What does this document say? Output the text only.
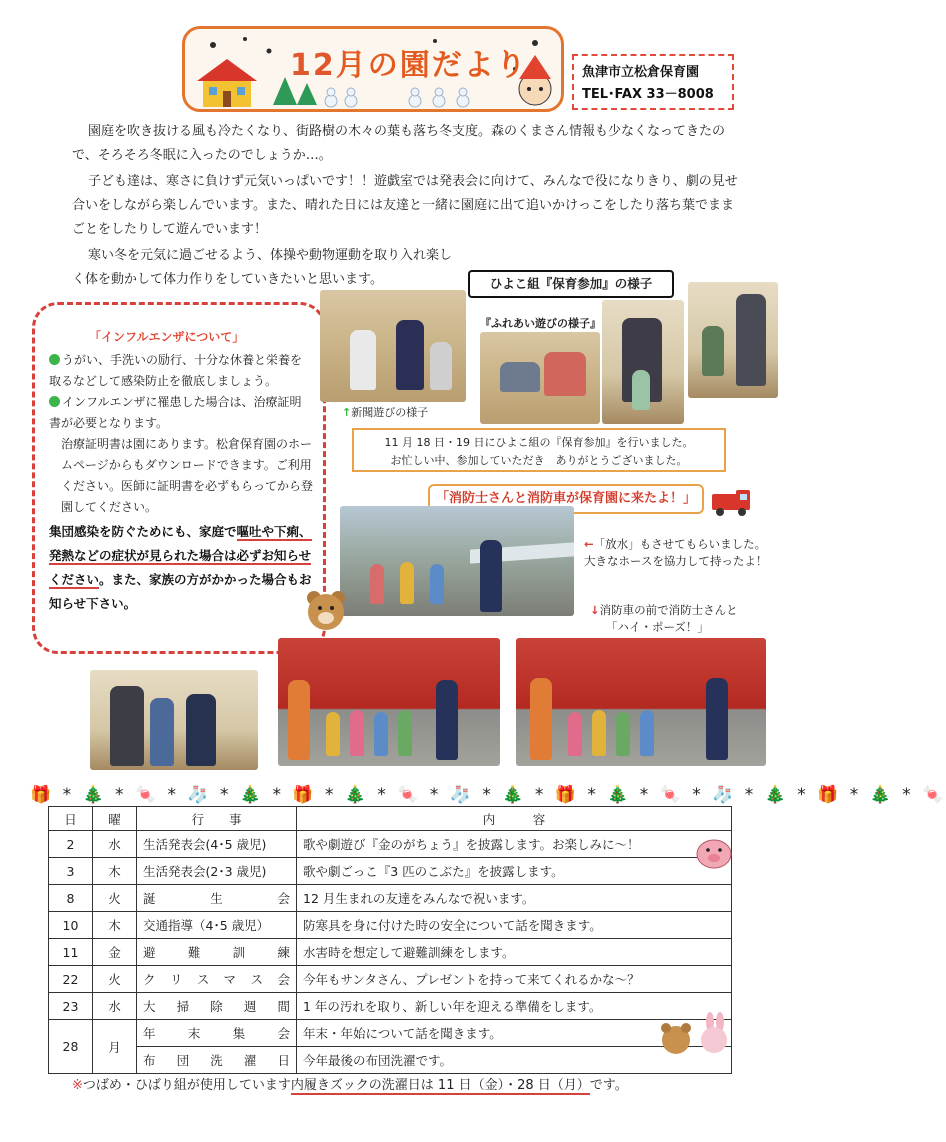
12月の園だより	魚津市立松倉保育園
TEL･FAX 33－8008

園庭を吹き抜ける風も冷たくなり、街路樹の木々の葉も落ち冬支度。森のくまさん情報も少なくなってきたので、そろそろ冬眠に入ったのでしょうか…。

子ども達は、寒さに負けず元気いっぱいです！！遊戯室では発表会に向けて、みんなで役になりきり、劇の見せ合いをしながら楽しんでいます。また、晴れた日には友達と一緒に園庭に出て追いかけっこをしたり落ち葉でままごとをしたりして遊んでいます！

寒い冬を元気に過ごせるよう、体操や動物運動を取り入れ楽しく体を動かして体力作りをしていきたいと思います。

「インフルエンザについて」
うがい、手洗いの励行、十分な休養と栄養を取るなどして感染防止を徹底しましょう。
インフルエンザに罹患した場合は、治療証明書が必要となります。
治療証明書は園にあります。松倉保育園のホームページからもダウンロードできます。ご利用ください。医師に証明書を必ずもらってから登園してください。
集団感染を防ぐためにも、家庭で嘔吐や下痢、発熱などの症状が見られた場合は必ずお知らせください。また、家族の方がかかった場合もお知らせ下さい。
ひよこ組『保育参加』の様子
『ふれあい遊びの様子』
↑新聞遊びの様子
11 月 18 日・19 日にひよこ組の『保育参加』を行いました。
お忙しい中、参加していただき　ありがとうございました。
「消防士さんと消防車が保育園に来たよ！」
←「放水」もさせてもらいました。
大きなホースを協力して持ったよ！
↓消防車の前で消防士さんと
「ハイ・ポーズ！」
🎁 * 🎄 * 🍬 * 🧦 * 🎄 * 🎁 * 🎄 * 🍬 * 🧦 * 🎄 * 🎁 * 🎄 * 🍬 * 🧦 * 🎄 * 🎁 * 🎄 * 🍬
日	曜	行　　事	内　　　容
2	水	生活発表会(4･5 歳児)	歌や劇遊び『金のがちょう』を披露します。お楽しみに～！
3	木	生活発表会(2･3 歳児)	歌や劇ごっこ『3 匹のこぶた』を披露します。
8	火	誕生会	12 月生まれの友達をみんなで祝います。
10	木	交通指導（4･5 歳児）	防寒具を身に付けた時の安全について話を聞きます。
11	金	避難訓練	水害時を想定して避難訓練をします。
22	火	クリスマス会	今年もサンタさん、プレゼントを持って来てくれるかな～？
23	水	大掃除週間	1 年の汚れを取り、新しい年を迎える準備をします。
28	月	年末集会	年末・年始について話を聞きます。
		布団洗濯日	今年最後の布団洗濯です。
※つばめ・ひばり組が使用しています内履きズックの洗濯日は 11 日（金）・28 日（月）です。
